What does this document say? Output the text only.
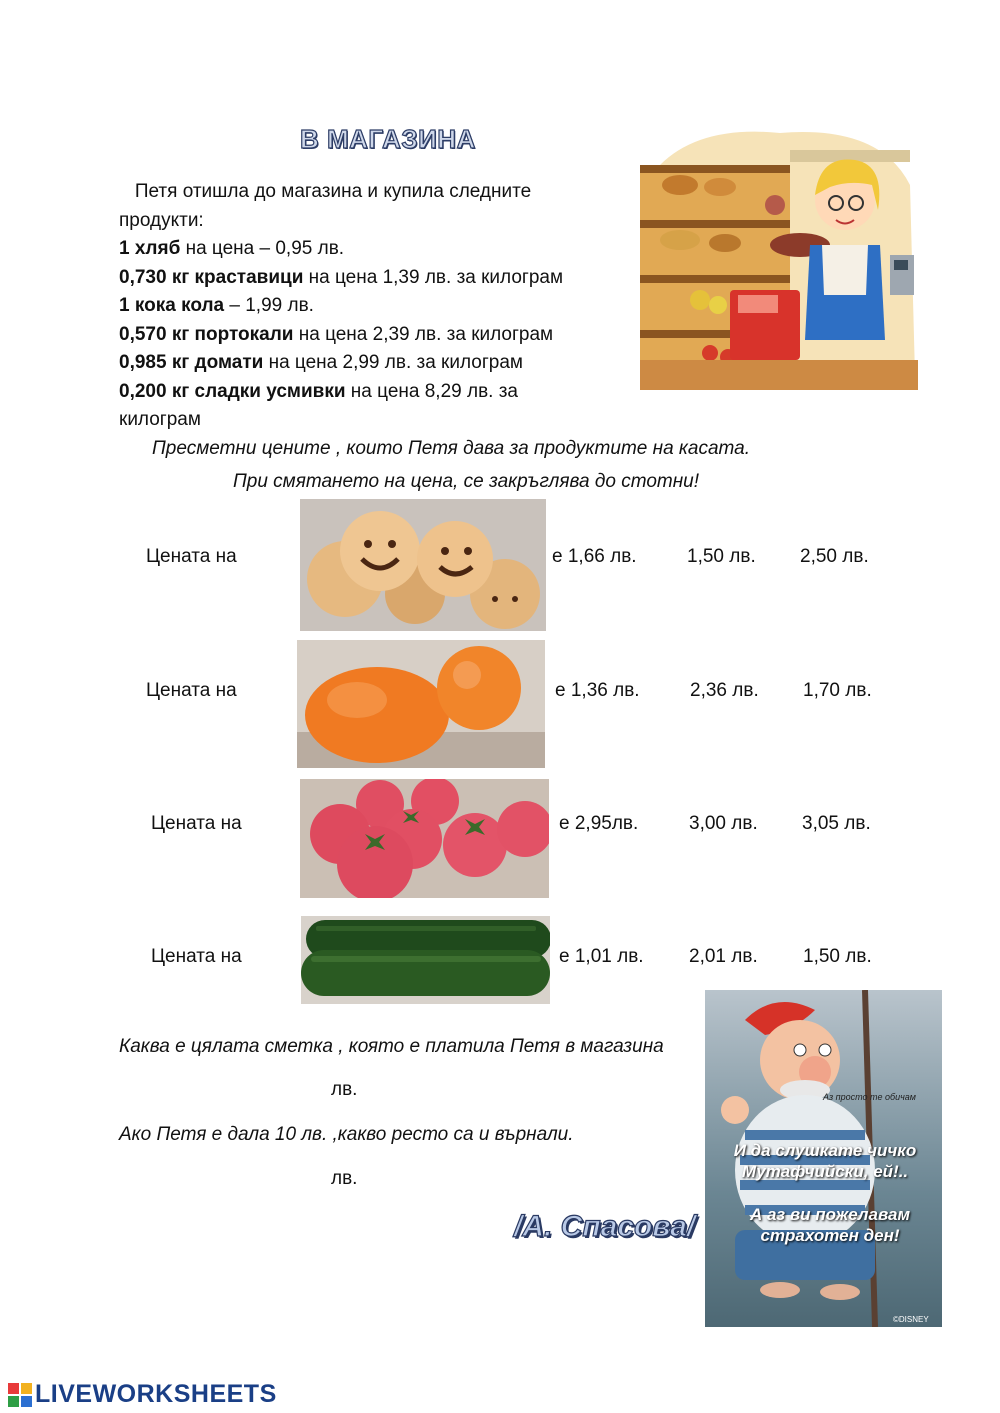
В МАГАЗИНА
Петя отишла до магазина и купила следните
продукти:
1 хляб на цена – 0,95 лв.
0,730 кг краставици на цена 1,39 лв. за килограм
1 кока кола – 1,99 лв.
0,570 кг портокали на цена 2,39 лв. за килограм
0,985 кг домати на цена 2,99 лв. за килограм
0,200 кг сладки усмивки на цена 8,29 лв. за
килограм
Пресметни цените , които Петя дава за продуктите на касата.
При смятането на цена, се закръглява до стотни!
Цената на	е 1,66 лв.	1,50 лв. 2,50 лв.
Цената на	е 1,36 лв.	2,36 лв. 1,70 лв.
Цената на	е 2,95лв.	3,00 лв. 3,05 лв.
Цената на	е 1,01 лв. 2,01 лв. 1,50 лв.
Каква е цялата сметка , която е платила Петя в магазина
лв.
Ако Петя е дала 10 лв. ,какво ресто са и върнали.
лв.
/А. Спасова/
Аз просто те обичам
И да слушкате чичко
Мутафчийски, ей!..
А аз ви пожелавам
страхотен ден!
©DISNEY
LIVEWORKSHEETS
